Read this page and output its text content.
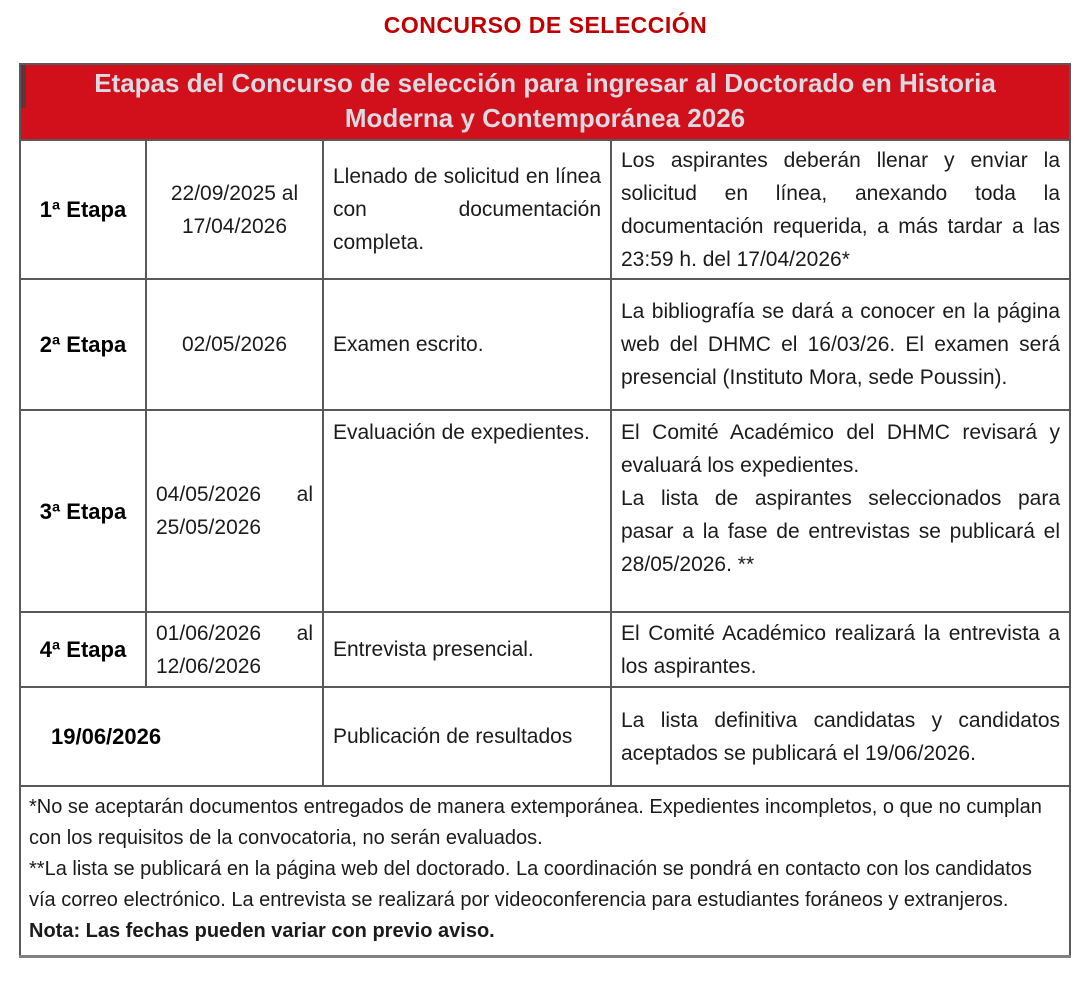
CONCURSO DE SELECCIÓN
Etapas del Concurso de selección para ingresar al Doctorado en Historia Moderna y Contemporánea 2026			
1ª Etapa	22/09/2025 al 17/04/2026	Llenado de solicitud en línea con documentación completa.	Los aspirantes deberán llenar y enviar la solicitud en línea, anexando toda la documentación requerida, a más tardar a las 23:59 h. del 17/04/2026*
2ª Etapa	02/05/2026	Examen escrito.	La bibliografía se dará a conocer en la página web del DHMC el 16/03/26. El examen será presencial (Instituto Mora, sede Poussin).
3ª Etapa	04/05/2026 al 25/05/2026	Evaluación de expedientes.	El Comité Académico del DHMC revisará y evaluará los expedientes.

La lista de aspirantes seleccionados para pasar a la fase de entrevistas se publicará el 28/05/2026. **

4ª Etapa	01/06/2026 al 12/06/2026	Entrevista presencial.	El Comité Académico realizará la entrevista a los aspirantes.
19/06/2026		Publicación de resultados	La lista definitiva candidatas y candidatos aceptados se publicará el 19/06/2026.

*No se aceptarán documentos entregados de manera extemporánea. Expedientes incompletos, o que no cumplan con los requisitos de la convocatoria, no serán evaluados.

**La lista se publicará en la página web del doctorado. La coordinación se pondrá en contacto con los candidatos vía correo electrónico. La entrevista se realizará por videoconferencia para estudiantes foráneos y extranjeros.

Nota: Las fechas pueden variar con previo aviso.			
